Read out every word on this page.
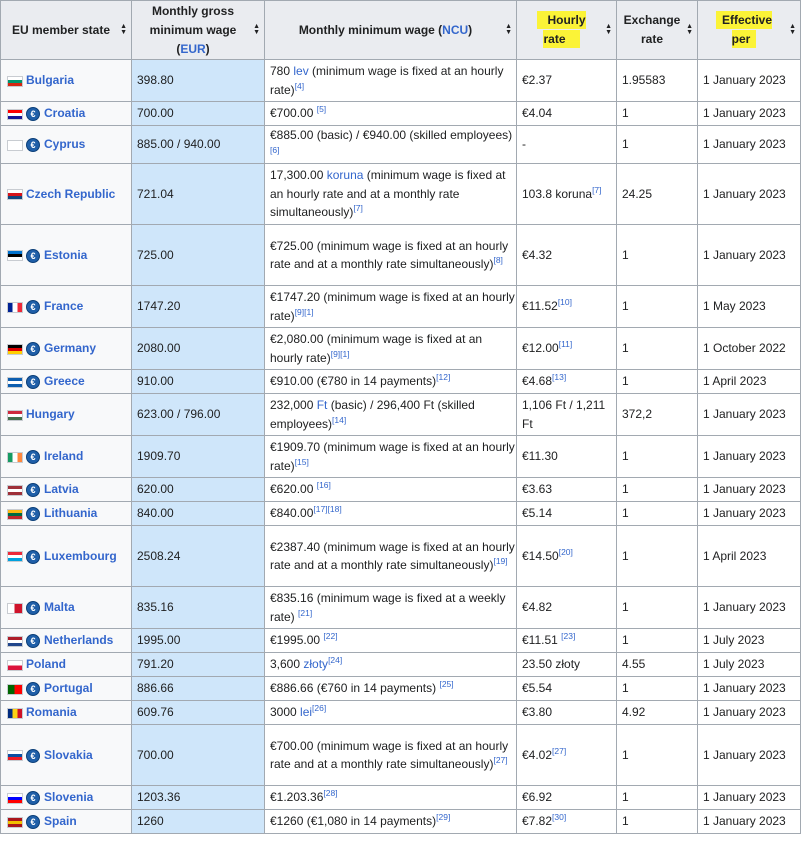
EU member state ▲
▼	Monthly gross minimum wage
(EUR)
▲
▼	Monthly minimum wage (NCU) ▲
▼	Hourly rate
▲
▼	Exchange rate
▲
▼	Effective per
▲
▼

Bulgaria	398.80	780 lev (minimum wage is fixed at an hourly rate)[4]	€2.37	1.95583	1 January 2023
€Croatia	700.00	€700.00 [5]	€4.04	1	1 January 2023
€Cyprus	885.00 / 940.00	€885.00 (basic) / €940.00 (skilled employees)[6]	-	1	1 January 2023
Czech Republic	721.04	17,300.00 koruna (minimum wage is fixed at an hourly rate and at a monthly rate simultaneously)[7]	103.8 koruna[7]	24.25	1 January 2023
€Estonia	725.00	€725.00 (minimum wage is fixed at an hourly rate and at a monthly rate simultaneously)[8]	€4.32	1	1 January 2023
€France	1747.20	€1747.20 (minimum wage is fixed at an hourly rate)[9][1]	€11.52[10]	1	1 May 2023
€Germany	2080.00	€2,080.00 (minimum wage is fixed at an hourly rate)[9][1]	€12.00[11]	1	1 October 2022
€Greece	910.00	€910.00 (€780 in 14 payments)[12]	€4.68[13]	1	1 April 2023
Hungary	623.00 / 796.00	232,000 Ft (basic) / 296,400 Ft (skilled employees)[14]	1,106 Ft / 1,211 Ft	372,2	1 January 2023
€Ireland	1909.70	€1909.70 (minimum wage is fixed at an hourly rate)[15]	€11.30	1	1 January 2023
€Latvia	620.00	€620.00 [16]	€3.63	1	1 January 2023
€Lithuania	840.00	€840.00[17][18]	€5.14	1	1 January 2023
€Luxembourg	2508.24	€2387.40 (minimum wage is fixed at an hourly rate and at a monthly rate simultaneously)[19]	€14.50[20]	1	1 April 2023
€Malta	835.16	€835.16 (minimum wage is fixed at a weekly rate) [21]	€4.82	1	1 January 2023
€Netherlands	1995.00	€1995.00 [22]	€11.51 [23]	1	1 July 2023
Poland	791.20	3,600 złoty[24]	23.50 złoty	4.55	1 July 2023
€Portugal	886.66	€886.66 (€760 in 14 payments) [25]	€5.54	1	1 January 2023
Romania	609.76	3000 lei[26]	€3.80	4.92	1 January 2023
€Slovakia	700.00	€700.00 (minimum wage is fixed at an hourly rate and at a monthly rate simultaneously)[27]	€4.02[27]	1	1 January 2023
€Slovenia	1203.36	€1.203.36[28]	€6.92	1	1 January 2023
€Spain	1260	€1260 (€1,080 in 14 payments)[29]	€7.82[30]	1	1 January 2023
